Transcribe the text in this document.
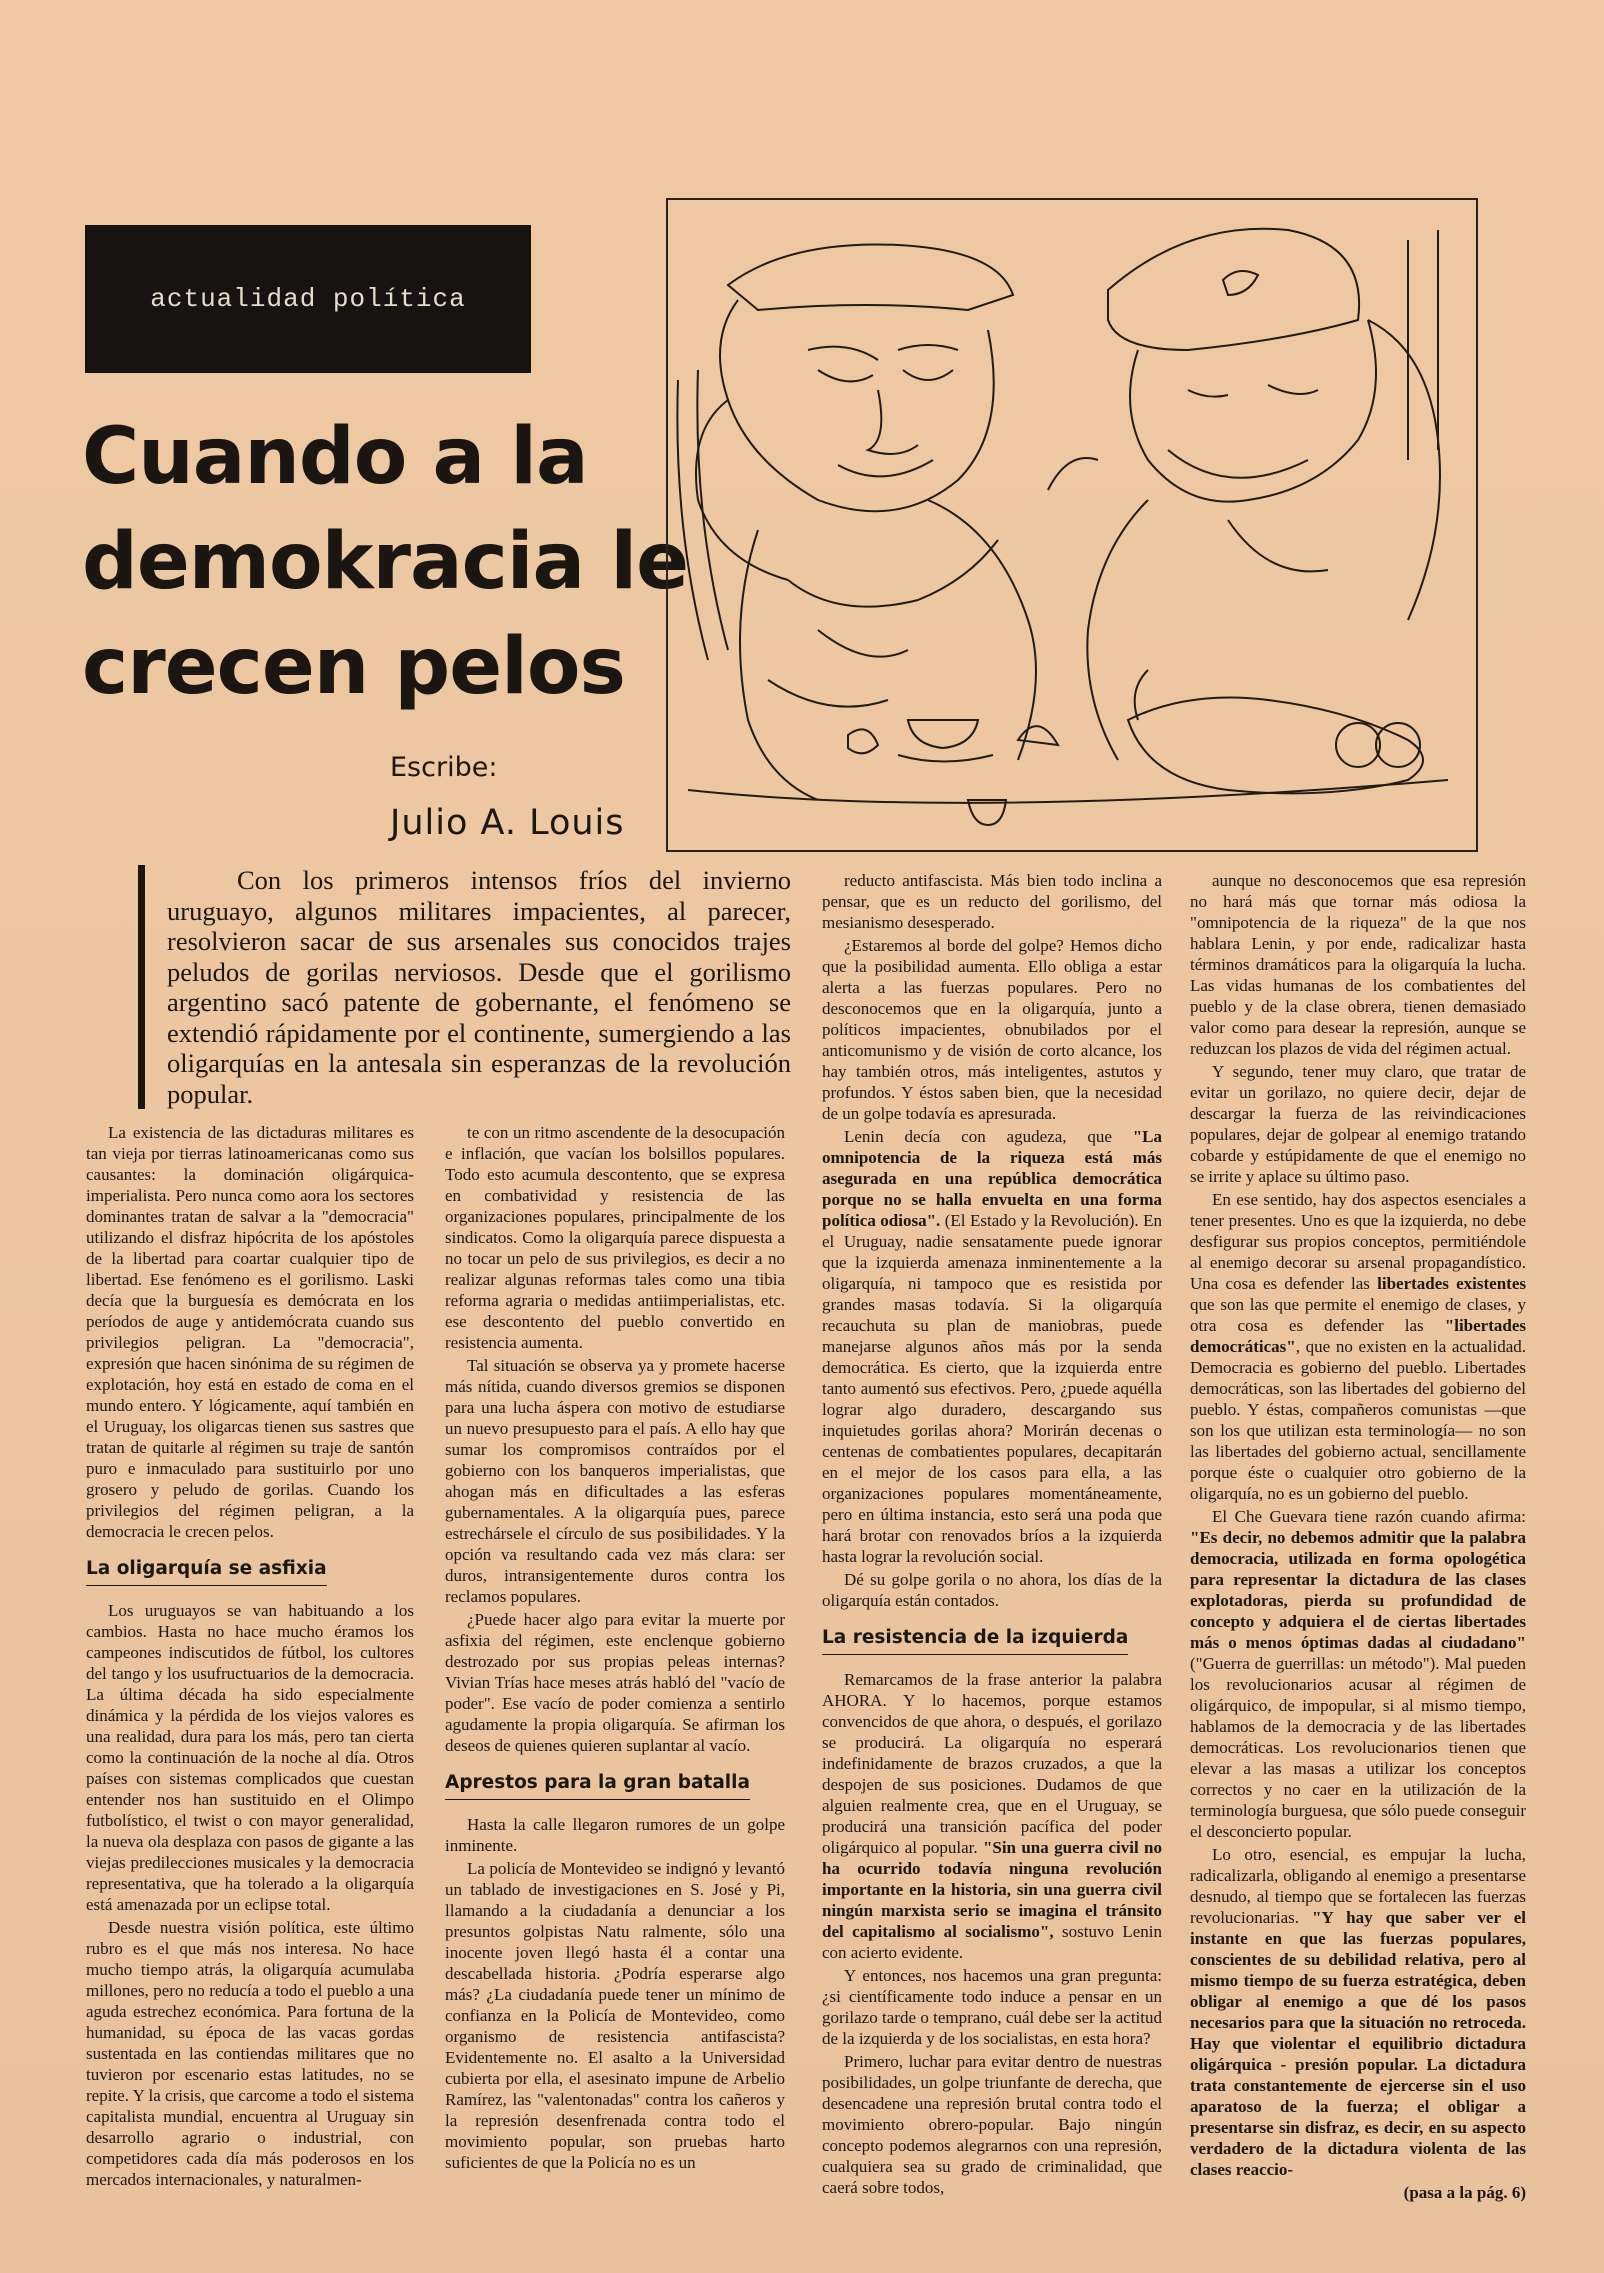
actualidad política
Cuando a la
demokracia le
crecen pelos
Escribe:
Julio A. Louis

Con los primeros intensos fríos del invierno uruguayo, algunos militares impacientes, al parecer, resolvieron sacar de sus arsenales sus conocidos trajes peludos de gorilas nerviosos. Desde que el gorilismo argentino sacó patente de gobernante, el fenómeno se extendió rápidamente por el continente, sumergiendo a las oligarquías en la antesala sin esperanzas de la revolución popular.

La existencia de las dictaduras militares es tan vieja por tierras latinoamericanas como sus causantes: la dominación oligárquica-imperialista. Pero nunca como aora los sectores dominantes tratan de salvar a la "democracia" utilizando el disfraz hipócrita de los apóstoles de la libertad para coartar cualquier tipo de libertad. Ese fenómeno es el gorilismo. Laski decía que la burguesía es demócrata en los períodos de auge y antidemócrata cuando sus privilegios peligran. La "democracia", expresión que hacen sinónima de su régimen de explotación, hoy está en estado de coma en el mundo entero. Y lógicamente, aquí también en el Uruguay, los oligarcas tienen sus sastres que tratan de quitarle al régimen su traje de santón puro e inmaculado para sustituirlo por uno grosero y peludo de gorilas. Cuando los privilegios del régimen peligran, a la democracia le crecen pelos.

La oligarquía se asfixia

Los uruguayos se van habituando a los cambios. Hasta no hace mucho éramos los campeones indiscutidos de fútbol, los cultores del tango y los usufructuarios de la democracia. La última década ha sido especialmente dinámica y la pérdida de los viejos valores es una realidad, dura para los más, pero tan cierta como la continuación de la noche al día. Otros países con sistemas complicados que cuestan entender nos han sustituido en el Olimpo futbolístico, el twist o con mayor generalidad, la nueva ola desplaza con pasos de gigante a las viejas predilecciones musicales y la democracia representativa, que ha tolerado a la oligarquía está amenazada por un eclipse total.

Desde nuestra visión política, este último rubro es el que más nos interesa. No hace mucho tiempo atrás, la oligarquía acumulaba millones, pero no reducía a todo el pueblo a una aguda estrechez económica. Para fortuna de la humanidad, su época de las vacas gordas sustentada en las contiendas militares que no tuvieron por escenario estas latitudes, no se repite. Y la crisis, que carcome a todo el sistema capitalista mundial, encuentra al Uruguay sin desarrollo agrario o industrial, con competidores cada día más poderosos en los mercados internacionales, y naturalmen-

te con un ritmo ascendente de la desocupación e inflación, que vacían los bolsillos populares. Todo esto acumula descontento, que se expresa en combatividad y resistencia de las organizaciones populares, principalmente de los sindicatos. Como la oligarquía parece dispuesta a no tocar un pelo de sus privilegios, es decir a no realizar algunas reformas tales como una tibia reforma agraria o medidas antiimperialistas, etc. ese descontento del pueblo convertido en resistencia aumenta.

Tal situación se observa ya y promete hacerse más nítida, cuando diversos gremios se disponen para una lucha áspera con motivo de estudiarse un nuevo presupuesto para el país. A ello hay que sumar los compromisos contraídos por el gobierno con los banqueros imperialistas, que ahogan más en dificultades a las esferas gubernamentales. A la oligarquía pues, parece estrechársele el círculo de sus posibilidades. Y la opción va resultando cada vez más clara: ser duros, intransigentemente duros contra los reclamos populares.

¿Puede hacer algo para evitar la muerte por asfixia del régimen, este enclenque gobierno destrozado por sus propias peleas internas? Vivian Trías hace meses atrás habló del "vacío de poder". Ese vacío de poder comienza a sentirlo agudamente la propia oligarquía. Se afirman los deseos de quienes quieren suplantar al vacío.

Aprestos para la gran batalla

Hasta la calle llegaron rumores de un golpe inminente.

La policía de Montevideo se indignó y levantó un tablado de investigaciones en S. José y Pi, llamando a la ciudadanía a denunciar a los presuntos golpistas Natu ralmente, sólo una inocente joven llegó hasta él a contar una descabellada historia. ¿Podría esperarse algo más? ¿La ciudadanía puede tener un mínimo de confianza en la Policía de Montevideo, como organismo de resistencia antifascista? Evidentemente no. El asalto a la Universidad cubierta por ella, el asesinato impune de Arbelio Ramírez, las "valentonadas" contra los cañeros y la represión desenfrenada contra todo el movimiento popular, son pruebas harto suficientes de que la Policía no es un

reducto antifascista. Más bien todo inclina a pensar, que es un reducto del gorilismo, del mesianismo desesperado.

¿Estaremos al borde del golpe? Hemos dicho que la posibilidad aumenta. Ello obliga a estar alerta a las fuerzas populares. Pero no desconocemos que en la oligarquía, junto a políticos impacientes, obnubilados por el anticomunismo y de visión de corto alcance, los hay también otros, más inteligentes, astutos y profundos. Y éstos saben bien, que la necesidad de un golpe todavía es apresurada.

Lenin decía con agudeza, que "La omnipotencia de la riqueza está más asegurada en una república democrática porque no se halla envuelta en una forma política odiosa". (El Estado y la Revolución). En el Uruguay, nadie sensatamente puede ignorar que la izquierda amenaza inminentemente a la oligarquía, ni tampoco que es resistida por grandes masas todavía. Si la oligarquía recauchuta su plan de maniobras, puede manejarse algunos años más por la senda democrática. Es cierto, que la izquierda entre tanto aumentó sus efectivos. Pero, ¿puede aquélla lograr algo duradero, descargando sus inquietudes gorilas ahora? Morirán decenas o centenas de combatientes populares, decapitarán en el mejor de los casos para ella, a las organizaciones populares momentáneamente, pero en última instancia, esto será una poda que hará brotar con renovados bríos a la izquierda hasta lograr la revolución social.

Dé su golpe gorila o no ahora, los días de la oligarquía están contados.

La resistencia de la izquierda

Remarcamos de la frase anterior la palabra AHORA. Y lo hacemos, porque estamos convencidos de que ahora, o después, el gorilazo se producirá. La oligarquía no esperará indefinidamente de brazos cruzados, a que la despojen de sus posiciones. Dudamos de que alguien realmente crea, que en el Uruguay, se producirá una transición pacífica del poder oligárquico al popular. "Sin una guerra civil no ha ocurrido todavía ninguna revolución importante en la historia, sin una guerra civil ningún marxista serio se imagina el tránsito del capitalismo al socialismo", sostuvo Lenin con acierto evidente.

Y entonces, nos hacemos una gran pregunta: ¿si científicamente todo induce a pensar en un gorilazo tarde o temprano, cuál debe ser la actitud de la izquierda y de los socialistas, en esta hora?

Primero, luchar para evitar dentro de nuestras posibilidades, un golpe triunfante de derecha, que desencadene una represión brutal contra todo el movimiento obrero-popular. Bajo ningún concepto podemos alegrarnos con una represión, cualquiera sea su grado de criminalidad, que caerá sobre todos,

aunque no desconocemos que esa represión no hará más que tornar más odiosa la "omnipotencia de la riqueza" de la que nos hablara Lenin, y por ende, radicalizar hasta términos dramáticos para la oligarquía la lucha. Las vidas humanas de los combatientes del pueblo y de la clase obrera, tienen demasiado valor como para desear la represión, aunque se reduzcan los plazos de vida del régimen actual.

Y segundo, tener muy claro, que tratar de evitar un gorilazo, no quiere decir, dejar de descargar la fuerza de las reivindicaciones populares, dejar de golpear al enemigo tratando cobarde y estúpidamente de que el enemigo no se irrite y aplace su último paso.

En ese sentido, hay dos aspectos esenciales a tener presentes. Uno es que la izquierda, no debe desfigurar sus propios conceptos, permitiéndole al enemigo decorar su arsenal propagandístico. Una cosa es defender las libertades existentes que son las que permite el enemigo de clases, y otra cosa es defender las "libertades democráticas", que no existen en la actualidad. Democracia es gobierno del pueblo. Libertades democráticas, son las libertades del gobierno del pueblo. Y éstas, compañeros comunistas —que son los que utilizan esta terminología— no son las libertades del gobierno actual, sencillamente porque éste o cualquier otro gobierno de la oligarquía, no es un gobierno del pueblo.

El Che Guevara tiene razón cuando afirma: "Es decir, no debemos admitir que la palabra democracia, utilizada en forma opologética para representar la dictadura de las clases explotadoras, pierda su profundidad de concepto y adquiera el de ciertas libertades más o menos óptimas dadas al ciudadano" ("Guerra de guerrillas: un método"). Mal pueden los revolucionarios acusar al régimen de oligárquico, de impopular, si al mismo tiempo, hablamos de la democracia y de las libertades democráticas. Los revolucionarios tienen que elevar a las masas a utilizar los conceptos correctos y no caer en la utilización de la terminología burguesa, que sólo puede conseguir el desconcierto popular.

Lo otro, esencial, es empujar la lucha, radicalizarla, obligando al enemigo a presentarse desnudo, al tiempo que se fortalecen las fuerzas revolucionarias. "Y hay que saber ver el instante en que las fuerzas populares, conscientes de su debilidad relativa, pero al mismo tiempo de su fuerza estratégica, deben obligar al enemigo a que dé los pasos necesarios para que la situación no retroceda. Hay que violentar el equilibrio dictadura oligárquica - presión popular. La dictadura trata constantemente de ejercerse sin el uso aparatoso de la fuerza; el obligar a presentarse sin disfraz, es decir, en su aspecto verdadero de la dictadura violenta de las clases reaccio-

(pasa a la pág. 6)
